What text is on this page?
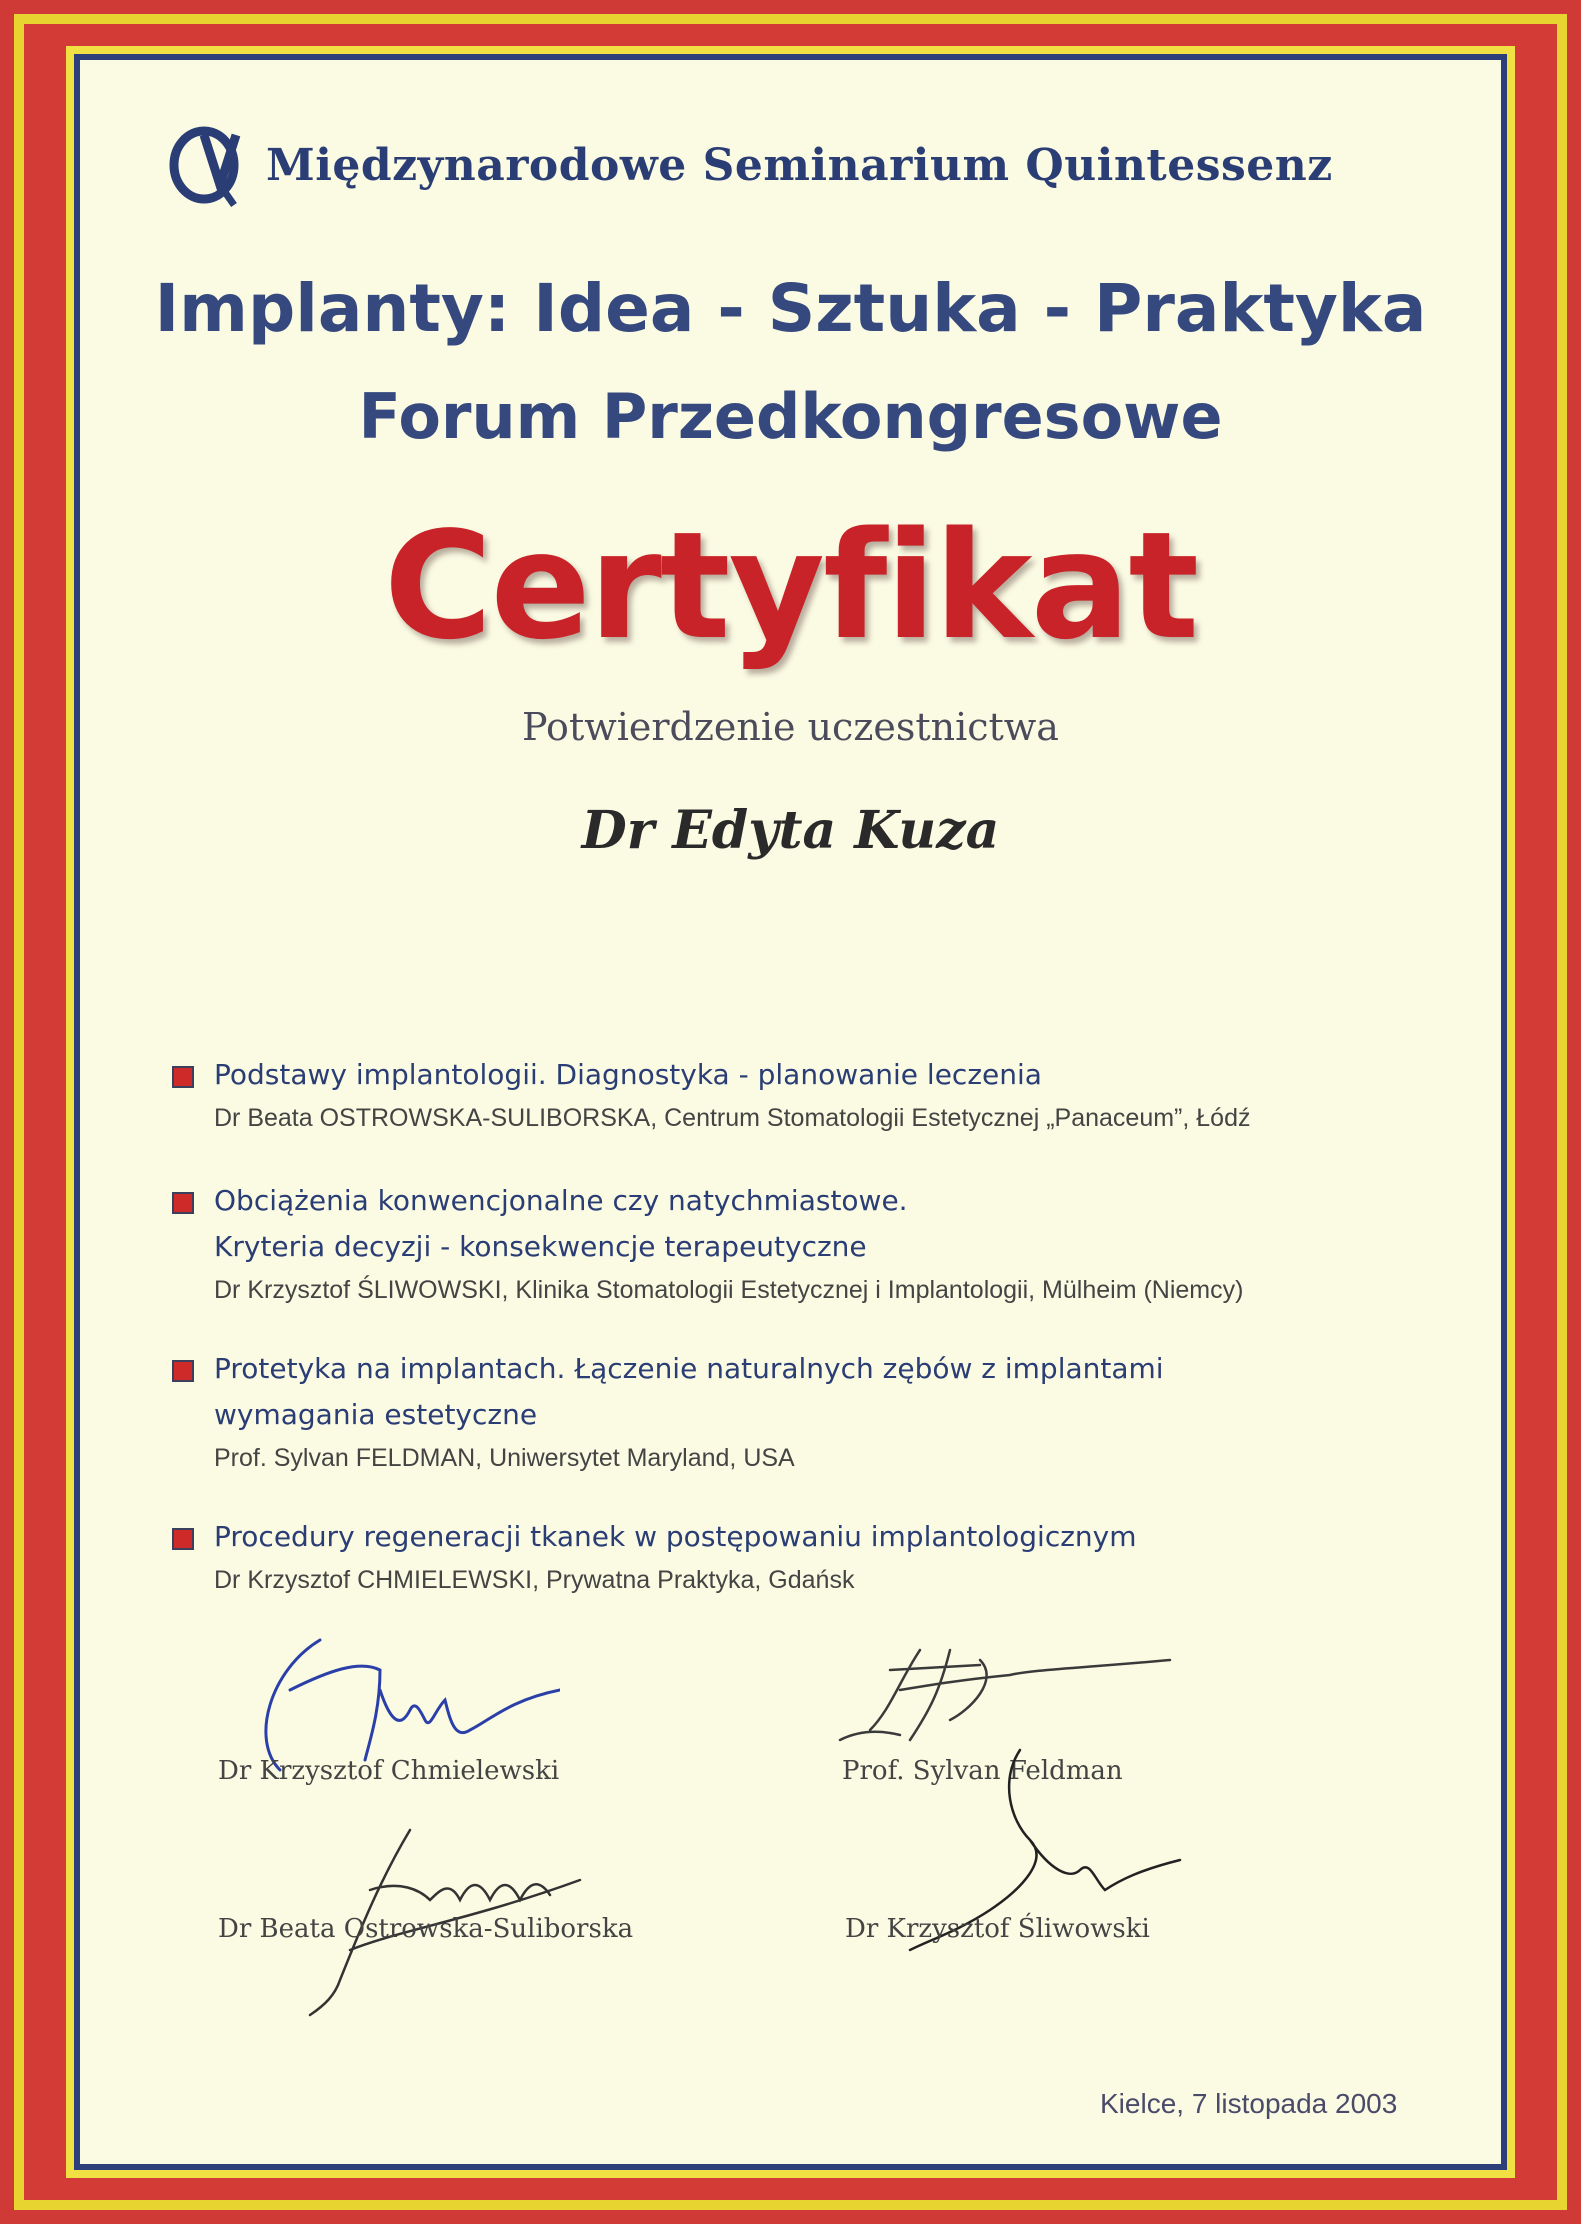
Międzynarodowe Seminarium Quintessenz
Implanty: Idea - Sztuka - Praktyka
Forum Przedkongresowe
Certyfikat
Potwierdzenie uczestnictwa
Dr Edyta Kuza
Podstawy implantologii. Diagnostyka - planowanie leczenia
Dr Beata OSTROWSKA-SULIBORSKA, Centrum Stomatologii Estetycznej „Panaceum”, Łódź
Obciążenia konwencjonalne czy natychmiastowe.
Kryteria decyzji - konsekwencje terapeutyczne
Dr Krzysztof ŚLIWOWSKI, Klinika Stomatologii Estetycznej i Implantologii, Mülheim (Niemcy)
Protetyka na implantach. Łączenie naturalnych zębów z implantami
wymagania estetyczne
Prof. Sylvan FELDMAN, Uniwersytet Maryland, USA
Procedury regeneracji tkanek w postępowaniu implantologicznym
Dr Krzysztof CHMIELEWSKI, Prywatna Praktyka, Gdańsk
Dr Krzysztof Chmielewski	Prof. Sylvan Feldman
Dr Beata Ostrowska-Suliborska	Dr Krzysztof Śliwowski
Kielce, 7 listopada 2003
